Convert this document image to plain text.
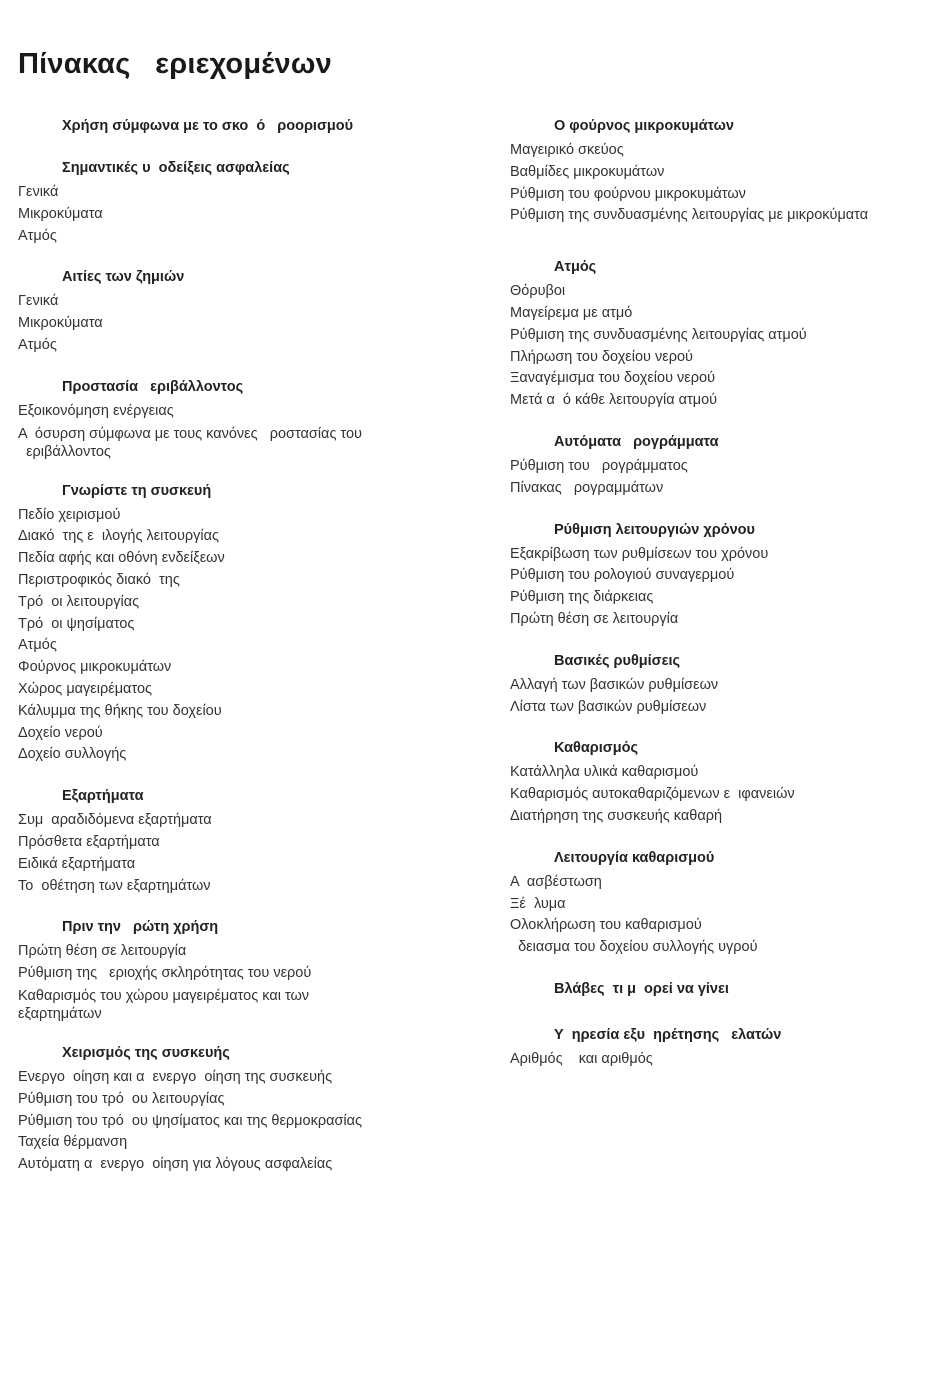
Πίνακας   εριεχομένων
Χρήση σύμφωνα με το σκο  ό   ροορισμού
Σημαντικές υ  οδείξεις ασφαλείας
Γενικά
Μικροκύματα
Ατμός
Αιτίες των ζημιών
Γενικά
Μικροκύματα
Ατμός
Προστασία   εριβάλλοντος
Εξοικονόμηση ενέργειας
Α  όσυρση σύμφωνα με τους κανόνες   ροστασίας του
εριβάλλοντος
Γνωρίστε τη συσκευή
Πεδίο χειρισμού
Διακό  της ε  ιλογής λειτουργίας
Πεδία αφής και οθόνη ενδείξεων
Περιστροφικός διακό  της
Τρό  οι λειτουργίας
Τρό  οι ψησίματος
Ατμός
Φούρνος μικροκυμάτων
Χώρος μαγειρέματος
Κάλυμμα της θήκης του δοχείου
Δοχείο νερού
Δοχείο συλλογής
Εξαρτήματα
Συμ  αραδιδόμενα εξαρτήματα
Πρόσθετα εξαρτήματα
Ειδικά εξαρτήματα
Το  οθέτηση των εξαρτημάτων
Πριν την   ρώτη χρήση
Πρώτη θέση σε λειτουργία
Ρύθμιση της   εριοχής σκληρότητας του νερού
Καθαρισμός του χώρου μαγειρέματος και των
εξαρτημάτων
Χειρισμός της συσκευής
Ενεργο  οίηση και α  ενεργο  οίηση της συσκευής
Ρύθμιση του τρό  ου λειτουργίας
Ρύθμιση του τρό  ου ψησίματος και της θερμοκρασίας
Ταχεία θέρμανση
Αυτόματη α  ενεργο  οίηση για λόγους ασφαλείας
Ο φούρνος μικροκυμάτων
Μαγειρικό σκεύος
Βαθμίδες μικροκυμάτων
Ρύθμιση του φούρνου μικροκυμάτων
Ρύθμιση της συνδυασμένης λειτουργίας με μικροκύματα
Ατμός
Θόρυβοι
Μαγείρεμα με ατμό
Ρύθμιση της συνδυασμένης λειτουργίας ατμού
Πλήρωση του δοχείου νερού
Ξαναγέμισμα του δοχείου νερού
Μετά α  ό κάθε λειτουργία ατμού
Αυτόματα   ρογράμματα
Ρύθμιση του   ρογράμματος
Πίνακας   ρογραμμάτων
Ρύθμιση λειτουργιών χρόνου
Εξακρίβωση των ρυθμίσεων του χρόνου
Ρύθμιση του ρολογιού συναγερμού
Ρύθμιση της διάρκειας
Πρώτη θέση σε λειτουργία
Βασικές ρυθμίσεις
Αλλαγή των βασικών ρυθμίσεων
Λίστα των βασικών ρυθμίσεων
Καθαρισμός
Κατάλληλα υλικά καθαρισμού
Καθαρισμός αυτοκαθαριζόμενων ε  ιφανειών
Διατήρηση της συσκευής καθαρή
Λειτουργία καθαρισμού
Α  ασβέστωση
Ξέ  λυμα
Ολοκλήρωση του καθαρισμού
δειασμα του δοχείου συλλογής υγρού
Βλάβες  τι μ  ορεί να γίνει
Υ  ηρεσία εξυ  ηρέτησης   ελατών
Αριθμός    και αριθμός
